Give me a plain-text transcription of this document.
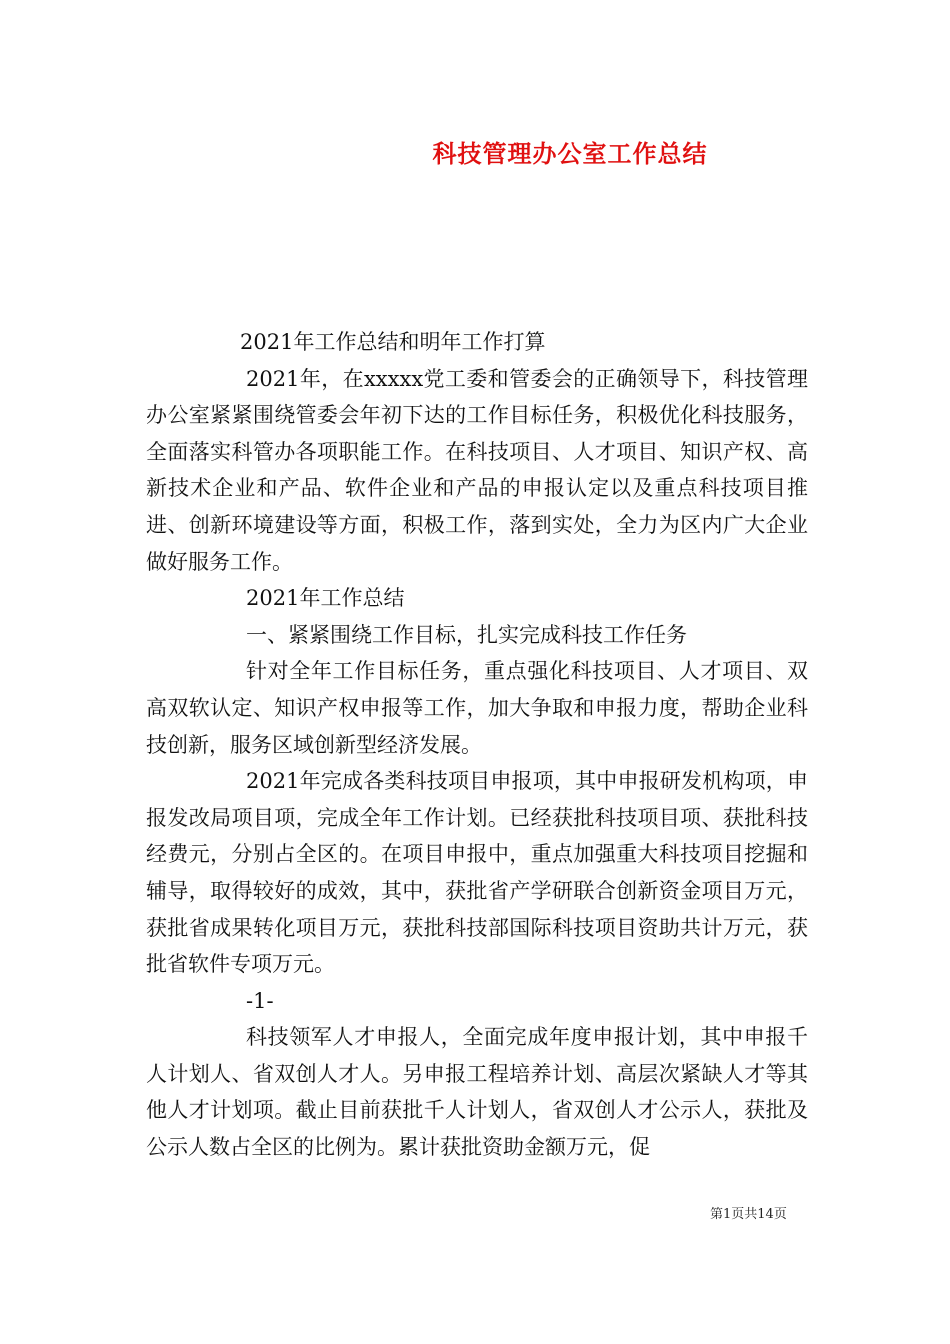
科技管理办公室工作总结

2021年工作总结和明年工作打算

2021年，在xxxxx党工委和管委会的正确领导下，科技管理办公室紧紧围绕管委会年初下达的工作目标任务，积极优化科技服务，全面落实科管办各项职能工作。在科技项目、人才项目、知识产权、高新技术企业和产品、软件企业和产品的申报认定以及重点科技项目推进、创新环境建设等方面，积极工作，落到实处，全力为区内广大企业做好服务工作。

2021年工作总结

一、紧紧围绕工作目标，扎实完成科技工作任务

针对全年工作目标任务，重点强化科技项目、人才项目、双高双软认定、知识产权申报等工作，加大争取和申报力度，帮助企业科技创新，服务区域创新型经济发展。

2021年完成各类科技项目申报项，其中申报研发机构项，申报发改局项目项，完成全年工作计划。已经获批科技项目项、获批科技经费元，分别占全区的。在项目申报中，重点加强重大科技项目挖掘和辅导，取得较好的成效，其中，获批省产学研联合创新资金项目万元，获批省成果转化项目万元，获批科技部国际科技项目资助共计万元，获批省软件专项万元。

-1-

科技领军人才申报人，全面完成年度申报计划，其中申报千人计划人、省双创人才人。另申报工程培养计划、高层次紧缺人才等其他人才计划项。截止目前获批千人计划人，省双创人才公示人，获批及公示人数占全区的比例为。累计获批资助金额万元，促

第1页共14页
